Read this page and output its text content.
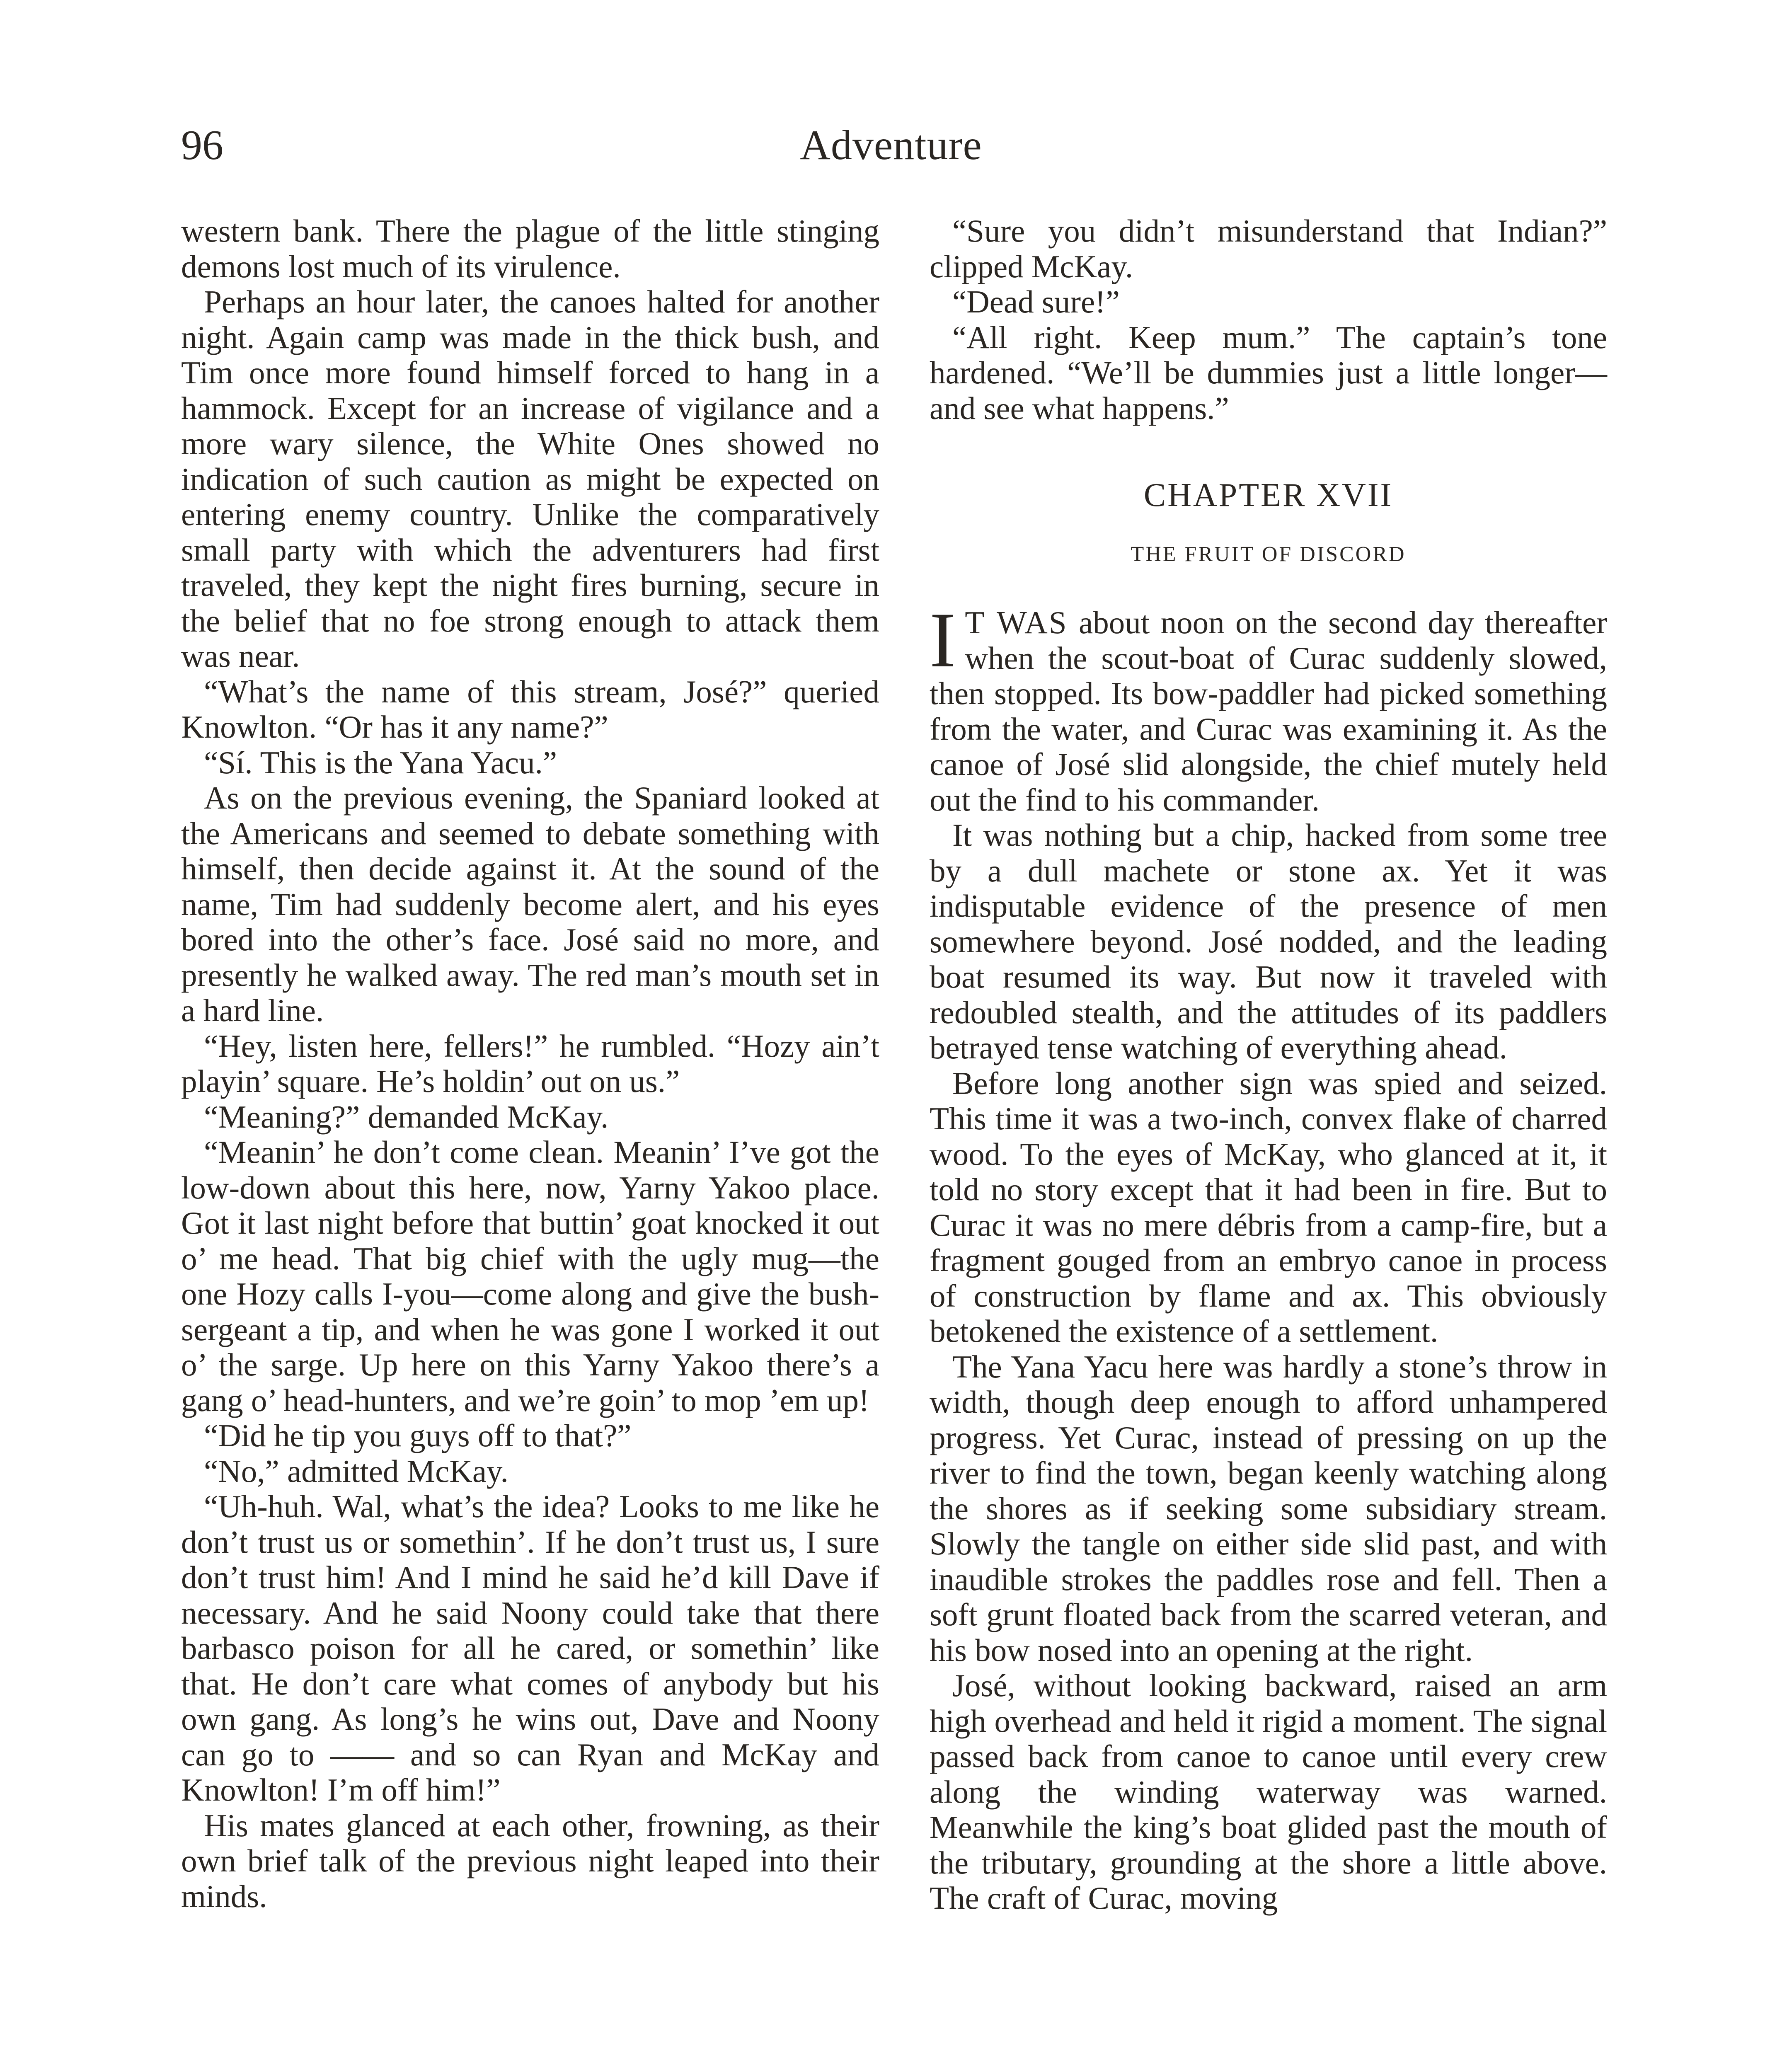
96	Adventure

western bank. There the plague of the little stinging demons lost much of its virulence.

Perhaps an hour later, the canoes halted for another night. Again camp was made in the thick bush, and Tim once more found himself forced to hang in a hammock. Except for an increase of vigilance and a more wary silence, the White Ones showed no indication of such caution as might be expected on entering enemy country. Unlike the comparatively small party with which the adventurers had first traveled, they kept the night fires burning, secure in the belief that no foe strong enough to attack them was near.

“What’s the name of this stream, José?” queried Knowlton. “Or has it any name?”

“Sí. This is the Yana Yacu.”

As on the previous evening, the Spaniard looked at the Americans and seemed to debate something with himself, then decide against it. At the sound of the name, Tim had suddenly become alert, and his eyes bored into the other’s face. José said no more, and presently he walked away. The red man’s mouth set in a hard line.

“Hey, listen here, fellers!” he rumbled. “Hozy ain’t playin’ square. He’s holdin’ out on us.”

“Meaning?” demanded McKay.

“Meanin’ he don’t come clean. Meanin’ I’ve got the low-down about this here, now, Yarny Yakoo place. Got it last night before that buttin’ goat knocked it out o’ me head. That big chief with the ugly mug—the one Hozy calls I-you—come along and give the bush-sergeant a tip, and when he was gone I worked it out o’ the sarge. Up here on this Yarny Yakoo there’s a gang o’ head-hunters, and we’re goin’ to mop ’em up!

“Did he tip you guys off to that?”

“No,” admitted McKay.

“Uh-huh. Wal, what’s the idea? Looks to me like he don’t trust us or somethin’. If he don’t trust us, I sure don’t trust him! And I mind he said he’d kill Dave if necessary. And he said Noony could take that there barbasco poison for all he cared, or somethin’ like that. He don’t care what comes of anybody but his own gang. As long’s he wins out, Dave and Noony can go to —— and so can Ryan and McKay and Knowlton! I’m off him!”

His mates glanced at each other, frowning, as their own brief talk of the previous night leaped into their minds.

“Sure you didn’t misunderstand that Indian?” clipped McKay.

“Dead sure!”

“All right. Keep mum.” The captain’s tone hardened. “We’ll be dummies just a little longer—and see what happens.”

CHAPTER XVII
THE FRUIT OF DISCORD

I T WAS about noon on the second day thereafter when the scout-boat of Curac suddenly slowed, then stopped. Its bow-paddler had picked something from the water, and Curac was examining it. As the canoe of José slid alongside, the chief mutely held out the find to his commander.

It was nothing but a chip, hacked from some tree by a dull machete or stone ax. Yet it was indisputable evidence of the presence of men somewhere beyond. José nodded, and the leading boat resumed its way. But now it traveled with redoubled stealth, and the attitudes of its paddlers betrayed tense watching of everything ahead.

Before long another sign was spied and seized. This time it was a two-inch, convex flake of charred wood. To the eyes of McKay, who glanced at it, it told no story except that it had been in fire. But to Curac it was no mere débris from a camp-fire, but a fragment gouged from an embryo canoe in process of construction by flame and ax. This obviously betokened the existence of a settlement.

The Yana Yacu here was hardly a stone’s throw in width, though deep enough to afford unhampered progress. Yet Curac, instead of pressing on up the river to find the town, began keenly watching along the shores as if seeking some subsidiary stream. Slowly the tangle on either side slid past, and with inaudible strokes the paddles rose and fell. Then a soft grunt floated back from the scarred veteran, and his bow nosed into an opening at the right.

José, without looking backward, raised an arm high overhead and held it rigid a moment. The signal passed back from canoe to canoe until every crew along the winding waterway was warned. Meanwhile the king’s boat glided past the mouth of the tributary, grounding at the shore a little above. The craft of Curac, moving
